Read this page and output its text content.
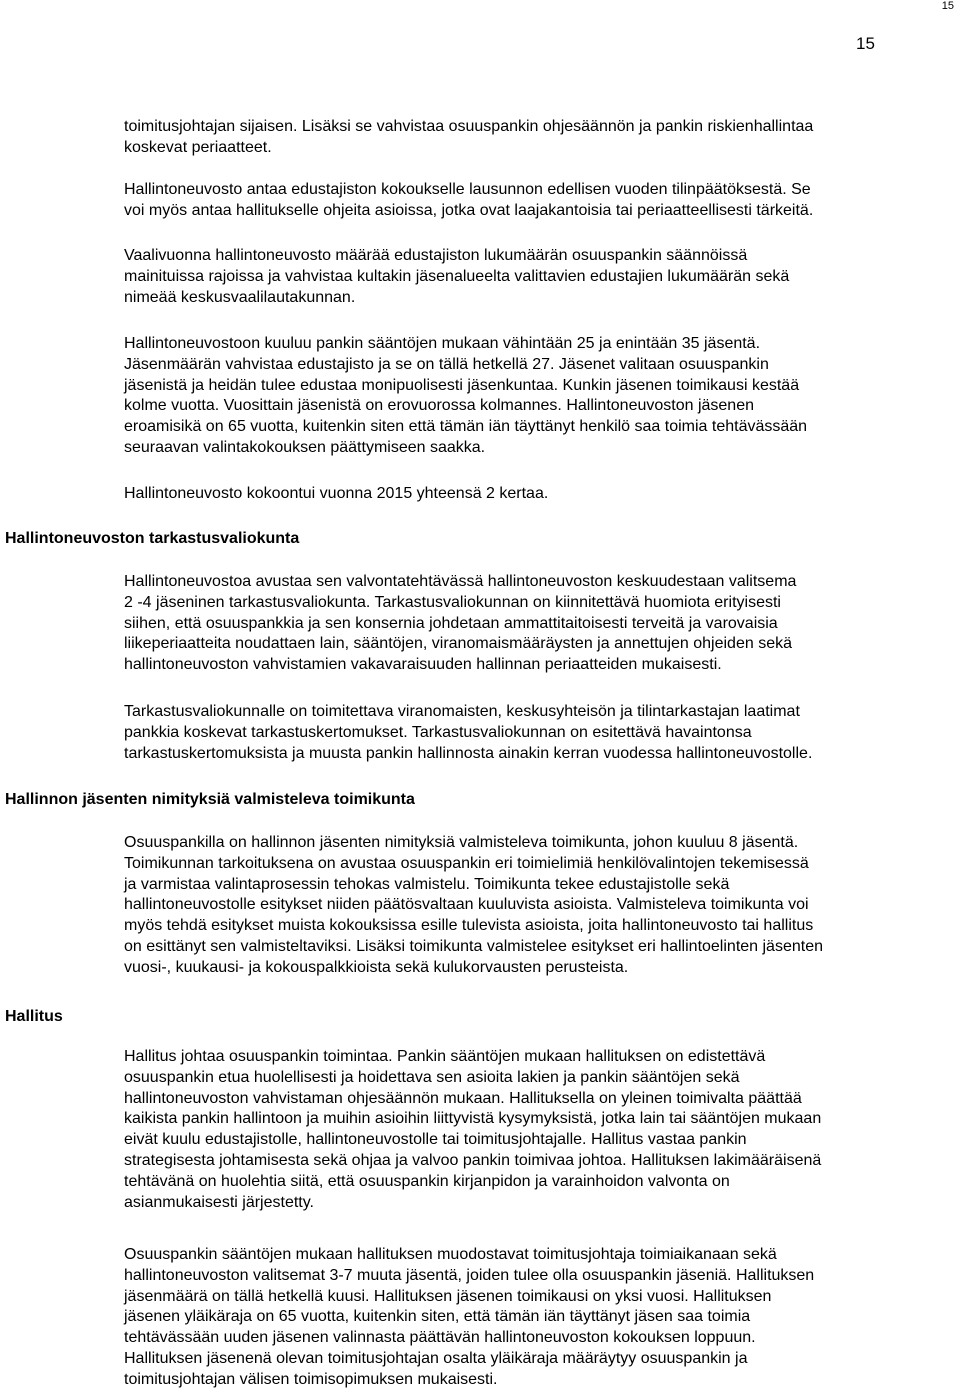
15
15
toimitusjohtajan sijaisen. Lisäksi se vahvistaa osuuspankin ohjesäännön ja pankin riskienhallintaa
koskevat periaatteet.
Hallintoneuvosto antaa edustajiston kokoukselle lausunnon edellisen vuoden tilinpäätöksestä. Se
voi myös antaa hallitukselle ohjeita asioissa, jotka ovat laajakantoisia tai periaatteellisesti tärkeitä.
Vaalivuonna hallintoneuvosto määrää edustajiston lukumäärän osuuspankin säännöissä
mainituissa rajoissa ja vahvistaa kultakin jäsenalueelta valittavien edustajien lukumäärän sekä
nimeää keskusvaalilautakunnan.
Hallintoneuvostoon kuuluu pankin sääntöjen mukaan vähintään 25 ja enintään 35 jäsentä.
Jäsenmäärän vahvistaa edustajisto ja se on tällä hetkellä 27. Jäsenet valitaan osuuspankin
jäsenistä ja heidän tulee edustaa monipuolisesti jäsenkuntaa. Kunkin jäsenen toimikausi kestää
kolme vuotta. Vuosittain jäsenistä on erovuorossa kolmannes. Hallintoneuvoston jäsenen
eroamisikä on 65 vuotta, kuitenkin siten että tämän iän täyttänyt henkilö saa toimia tehtävässään
seuraavan valintakokouksen päättymiseen saakka.
Hallintoneuvosto kokoontui vuonna 2015 yhteensä 2 kertaa.
Hallintoneuvoston tarkastusvaliokunta
Hallintoneuvostoa avustaa sen valvontatehtävässä hallintoneuvoston keskuudestaan valitsema
2 -4 jäseninen tarkastusvaliokunta. Tarkastusvaliokunnan on kiinnitettävä huomiota erityisesti
siihen, että osuuspankkia ja sen konsernia johdetaan ammattitaitoisesti terveitä ja varovaisia
liikeperiaatteita noudattaen lain, sääntöjen, viranomaismääräysten ja annettujen ohjeiden sekä
hallintoneuvoston vahvistamien vakavaraisuuden hallinnan periaatteiden mukaisesti.
Tarkastusvaliokunnalle on toimitettava viranomaisten, keskusyhteisön ja tilintarkastajan laatimat
pankkia koskevat tarkastuskertomukset. Tarkastusvaliokunnan on esitettävä havaintonsa
tarkastuskertomuksista ja muusta pankin hallinnosta ainakin kerran vuodessa hallintoneuvostolle.
Hallinnon jäsenten nimityksiä valmisteleva toimikunta
Osuuspankilla on hallinnon jäsenten nimityksiä valmisteleva toimikunta, johon kuuluu 8 jäsentä.
Toimikunnan tarkoituksena on avustaa osuuspankin eri toimielimiä henkilövalintojen tekemisessä
ja varmistaa valintaprosessin tehokas valmistelu. Toimikunta tekee edustajistolle sekä
hallintoneuvostolle esitykset niiden päätösvaltaan kuuluvista asioista. Valmisteleva toimikunta voi
myös tehdä esitykset muista kokouksissa esille tulevista asioista, joita hallintoneuvosto tai hallitus
on esittänyt sen valmisteltaviksi. Lisäksi toimikunta valmistelee esitykset eri hallintoelinten jäsenten
vuosi-, kuukausi- ja kokouspalkkioista sekä kulukorvausten perusteista.
Hallitus
Hallitus johtaa osuuspankin toimintaa. Pankin sääntöjen mukaan hallituksen on edistettävä
osuuspankin etua huolellisesti ja hoidettava sen asioita lakien ja pankin sääntöjen sekä
hallintoneuvoston vahvistaman ohjesäännön mukaan. Hallituksella on yleinen toimivalta päättää
kaikista pankin hallintoon ja muihin asioihin liittyvistä kysymyksistä, jotka lain tai sääntöjen mukaan
eivät kuulu edustajistolle, hallintoneuvostolle tai toimitusjohtajalle. Hallitus vastaa pankin
strategisesta johtamisesta sekä ohjaa ja valvoo pankin toimivaa johtoa. Hallituksen lakimääräisenä
tehtävänä on huolehtia siitä, että osuuspankin kirjanpidon ja varainhoidon valvonta on
asianmukaisesti järjestetty.
Osuuspankin sääntöjen mukaan hallituksen muodostavat toimitusjohtaja toimiaikanaan sekä
hallintoneuvoston valitsemat 3-7 muuta jäsentä, joiden tulee olla osuuspankin jäseniä. Hallituksen
jäsenmäärä on tällä hetkellä kuusi. Hallituksen jäsenen toimikausi on yksi vuosi. Hallituksen
jäsenen yläikäraja on 65 vuotta, kuitenkin siten, että tämän iän täyttänyt jäsen saa toimia
tehtävässään uuden jäsenen valinnasta päättävän hallintoneuvoston kokouksen loppuun.
Hallituksen jäsenenä olevan toimitusjohtajan osalta yläikäraja määräytyy osuuspankin ja
toimitusjohtajan välisen toimisopimuksen mukaisesti.
